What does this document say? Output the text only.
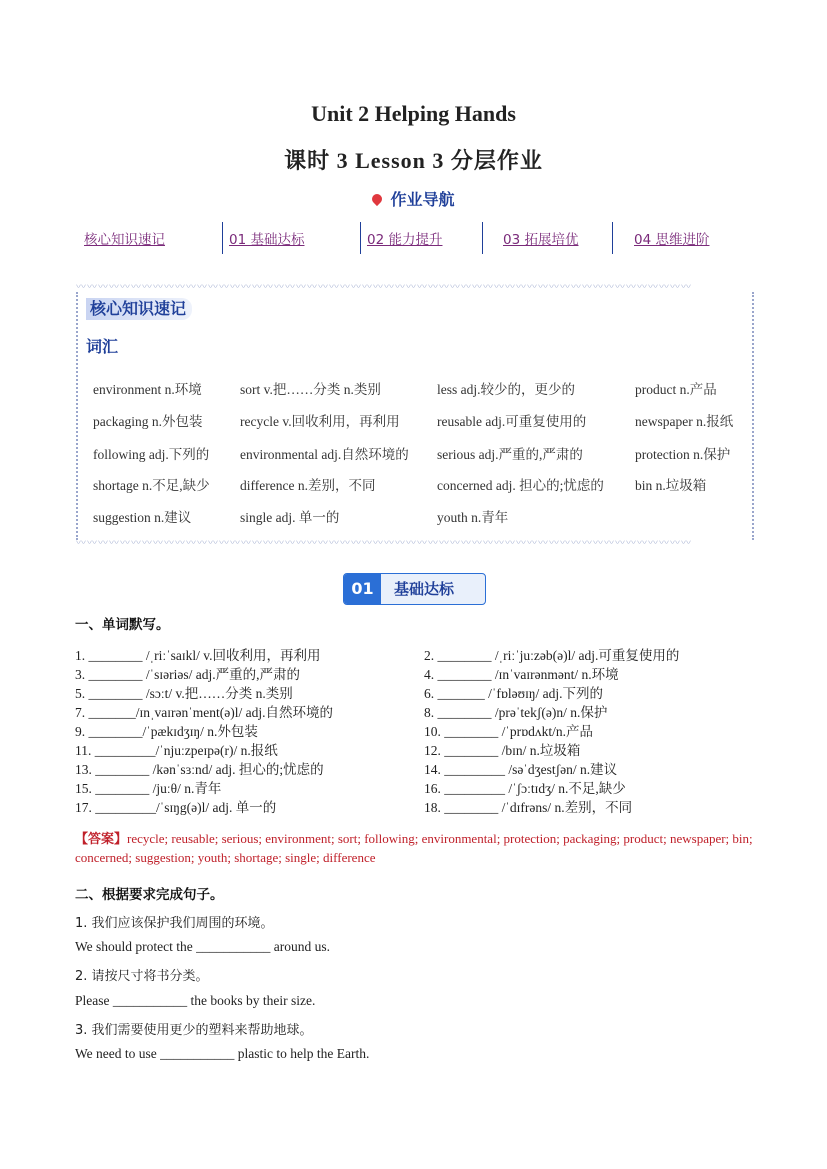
Unit 2 Helping Hands
课时 3 Lesson 3 分层作业
作业导航
核心知识速记	01 基础达标	02 能力提升	03 拓展培优	04 思维进阶
〰〰〰〰〰〰〰〰〰〰〰〰〰〰〰〰〰〰〰〰〰〰〰〰〰〰〰〰〰〰〰〰〰〰〰〰〰〰〰〰〰〰〰〰〰〰〰〰〰〰〰〰〰〰〰〰
〰〰〰〰〰〰〰〰〰〰〰〰〰〰〰〰〰〰〰〰〰〰〰〰〰〰〰〰〰〰〰〰〰〰〰〰〰〰〰〰〰〰〰〰〰〰〰〰〰〰〰〰〰〰〰〰
核心知识速记
词汇
environment n.环境	sort v.把……分类 n.类别	less adj.较少的，更少的	product n.产品
packaging n.外包装	recycle v.回收利用，再利用	reusable adj.可重复使用的	newspaper n.报纸
following adj.下列的 environmental adj.自然环境的 serious adj.严重的,严肃的	protection n.保护
shortage n.不足,缺少 difference n.差别，不同	concerned adj. 担心的;忧虑的 bin n.垃圾箱
suggestion n.建议	single adj. 单一的	youth n.青年
01	基础达标
一、单词默写。
1. ________ /ˌriːˈsaɪkl/ v.回收利用，再利用	2. ________ /ˌriːˈjuːzəb(ə)l/ adj.可重复使用的
3. ________ /ˈsɪəriəs/ adj.严重的,严肃的	4. ________ /ɪnˈvaɪrənmənt/ n.环境
5. ________ /sɔːt/ v.把……分类 n.类别	6. _______ /ˈfɒləʊɪŋ/ adj.下列的
7. _______/ɪnˌvaɪrənˈment(ə)l/ adj.自然环境的	8. ________ /prəˈtekʃ(ə)n/ n.保护
9. ________/ˈpækɪdʒɪŋ/ n.外包装	10. ________ /ˈprɒdʌkt/n.产品
11. _________/ˈnjuːzpeɪpə(r)/ n.报纸	12. ________ /bɪn/ n.垃圾箱
13. ________ /kənˈsɜːnd/ adj. 担心的;忧虑的	14. _________ /səˈdʒestʃən/ n.建议
15. ________ /juːθ/ n.青年	16. _________ /ˈʃɔːtɪdʒ/ n.不足,缺少
17. _________/ˈsɪŋg(ə)l/ adj. 单一的	18. ________ /ˈdɪfrəns/ n.差别，不同
【答案】recycle; reusable; serious; environment; sort; following; environmental; protection; packaging; product; newspaper; bin; concerned; suggestion; youth; shortage; single; difference
二、根据要求完成句子。
1. 我们应该保护我们周围的环境。
We should protect the ___________ around us.
2. 请按尺寸将书分类。
Please ___________ the books by their size.
3. 我们需要使用更少的塑料来帮助地球。
We need to use ___________ plastic to help the Earth.
